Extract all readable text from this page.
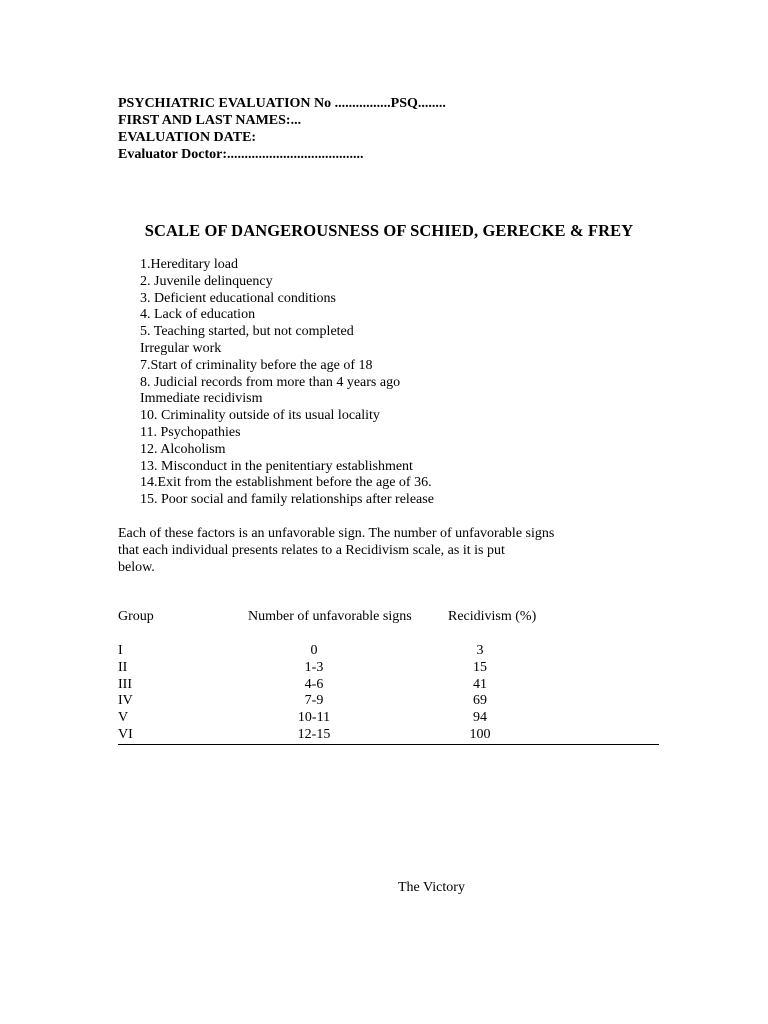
PSYCHIATRIC EVALUATION No ................PSQ........
FIRST AND LAST NAMES:...
EVALUATION DATE:
Evaluator Doctor:.......................................
SCALE OF DANGEROUSNESS OF SCHIED, GERECKE & FREY
1.Hereditary load
2. Juvenile delinquency
3. Deficient educational conditions
4. Lack of education
5. Teaching started, but not completed
Irregular work
7.Start of criminality before the age of 18
8. Judicial records from more than 4 years ago
Immediate recidivism
10. Criminality outside of its usual locality
11. Psychopathies
12. Alcoholism
13. Misconduct in the penitentiary establishment
14.Exit from the establishment before the age of 36.
15. Poor social and family relationships after release
Each of these factors is an unfavorable sign. The number of unfavorable signs
that each individual presents relates to a Recidivism scale, as it is put
below.
Group	Number of unfavorable signs	Recidivism (%)
I	0	3
II	1-3	15
III	4-6	41
IV	7-9	69
V	10-11	94
VI	12-15	100
The Victory
